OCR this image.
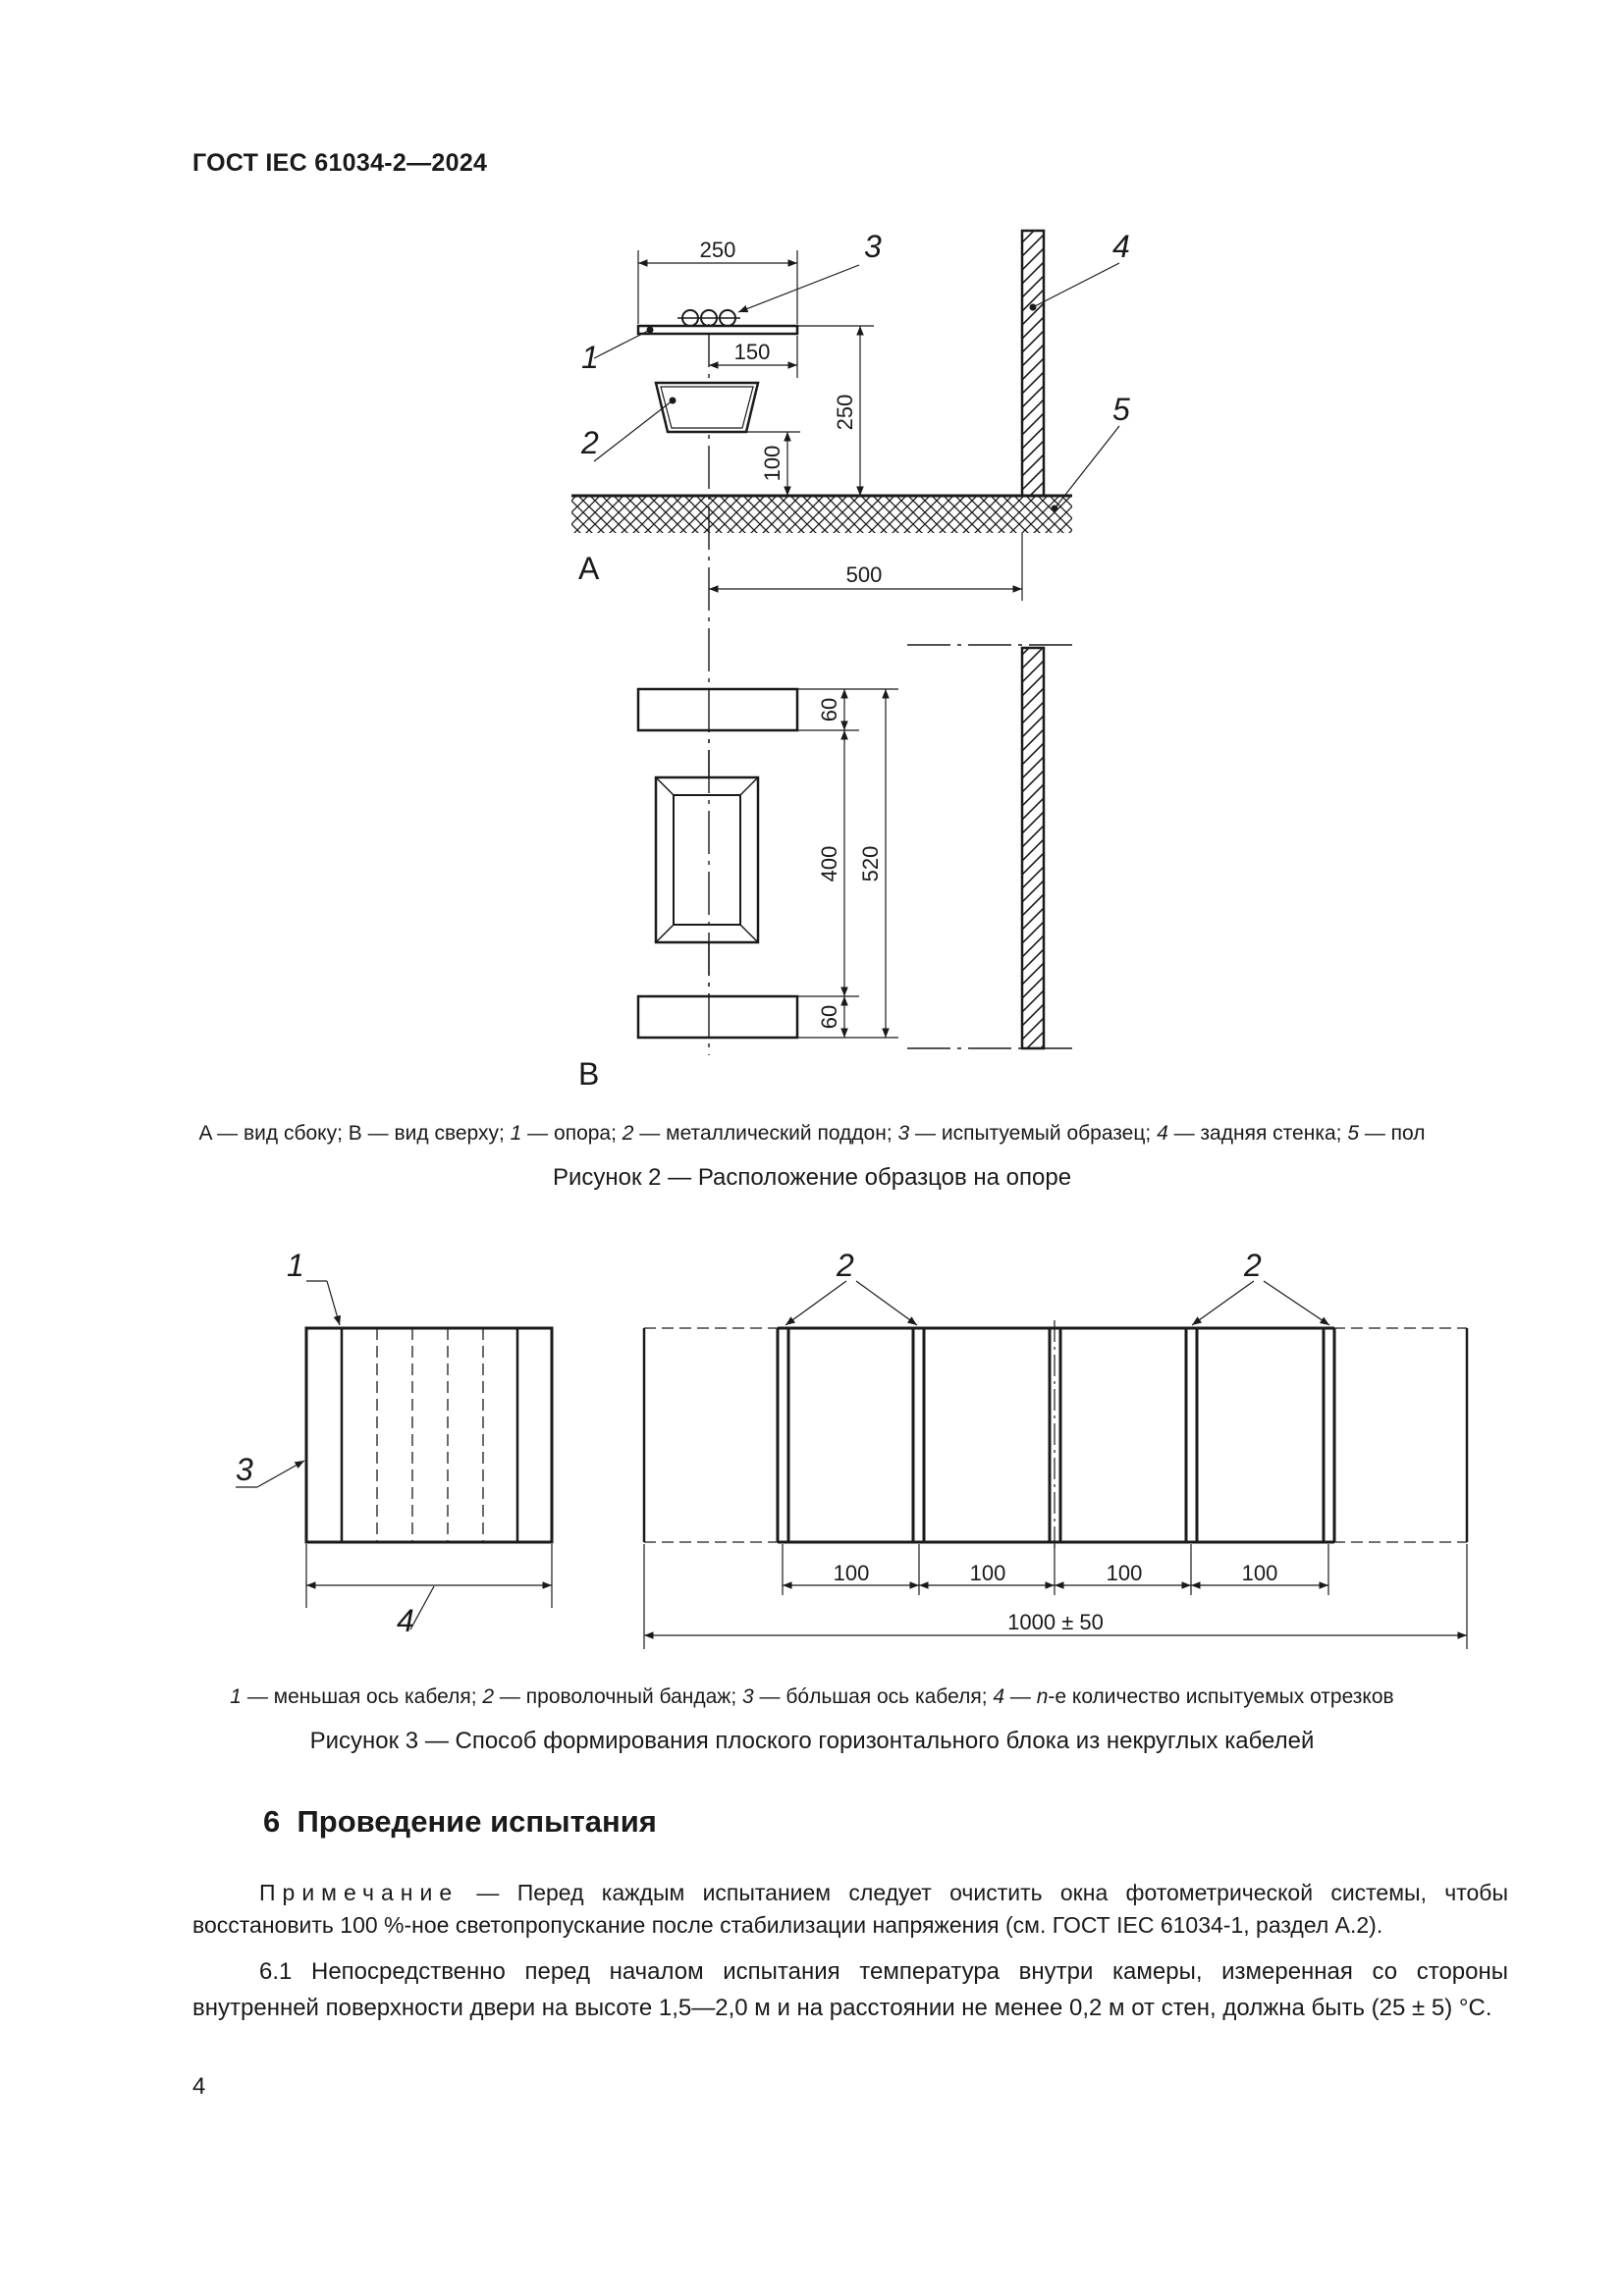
ГОСТ IEC 61034-2—2024
250
150
250
100
500
60
400 520
60
1
2
3	4
5
A
B
A — вид сбоку; B — вид сверху; 1 — опора; 2 — металлический поддон; 3 — испытуемый образец; 4 — задняя стенка; 5 — пол
Рисунок 2 — Расположение образцов на опоре
1
3
4
2	2
100	100	100	100
1000 ± 50
1 — меньшая ось кабеля; 2 — проволочный бандаж; 3 — бóльшая ось кабеля; 4 — n-е количество испытуемых отрезков
Рисунок 3 — Способ формирования плоского горизонтального блока из некруглых кабелей
6 Проведение испытания
Примечание — Перед каждым испытанием следует очистить окна фотометрической системы, чтобы восстановить 100 %-ное светопропускание после стабилизации напряжения (см. ГОСТ IEC 61034-1, раздел А.2).
6.1 Непосредственно перед началом испытания температура внутри камеры, измеренная со стороны внутренней поверхности двери на высоте 1,5—2,0 м и на расстоянии не менее 0,2 м от стен, должна быть (25 ± 5) °С.
4
